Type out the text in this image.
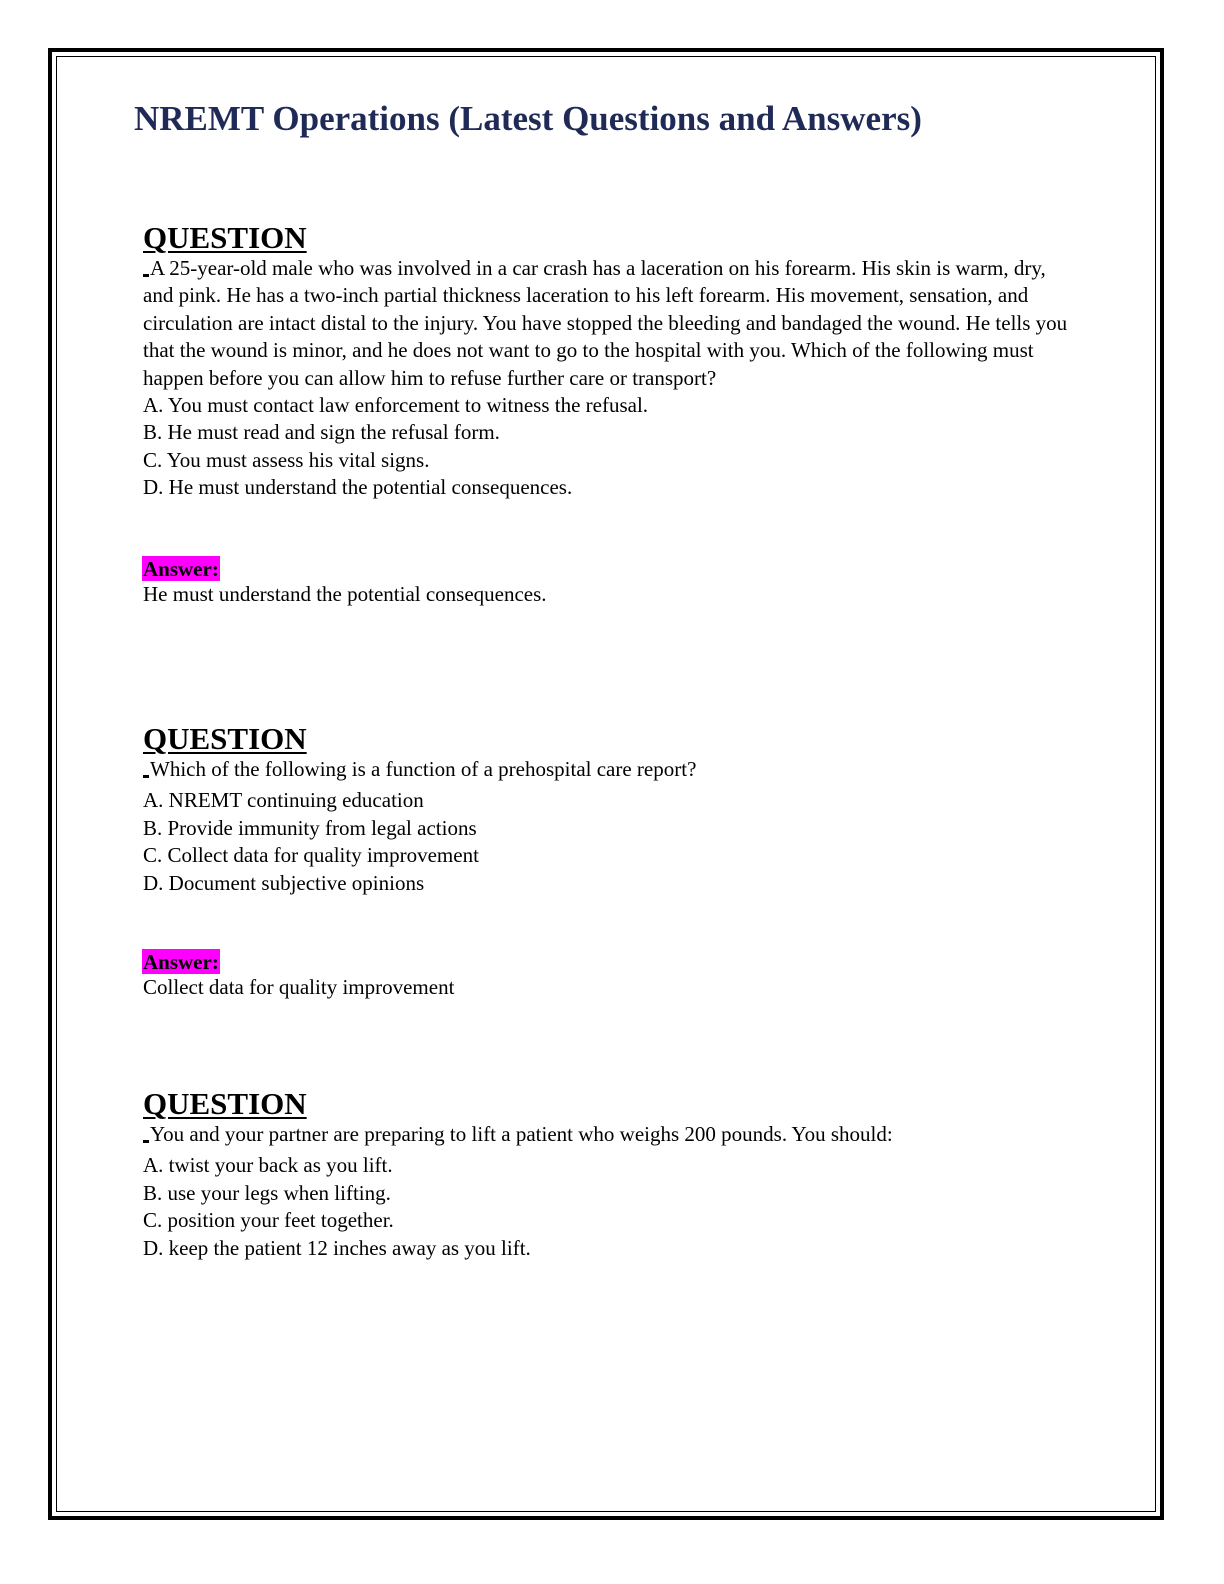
NREMT Operations (Latest Questions and Answers)
QUESTION

A 25-year-old male who was involved in a car crash has a laceration on his forearm. His skin is warm, dry, and pink. He has a two-inch partial thickness laceration to his left forearm. His movement, sensation, and circulation are intact distal to the injury. You have stopped the bleeding and bandaged the wound. He tells you that the wound is minor, and he does not want to go to the hospital with you. Which of the following must happen before you can allow him to refuse further care or transport?

A. You must contact law enforcement to witness the refusal.
B. He must read and sign the refusal form.
C. You must assess his vital signs.
D. He must understand the potential consequences.
Answer:

He must understand the potential consequences.

QUESTION

Which of the following is a function of a prehospital care report?

A. NREMT continuing education
B. Provide immunity from legal actions
C. Collect data for quality improvement
D. Document subjective opinions
Answer:

Collect data for quality improvement

QUESTION

You and your partner are preparing to lift a patient who weighs 200 pounds. You should:

A. twist your back as you lift.
B. use your legs when lifting.
C. position your feet together.
D. keep the patient 12 inches away as you lift.
